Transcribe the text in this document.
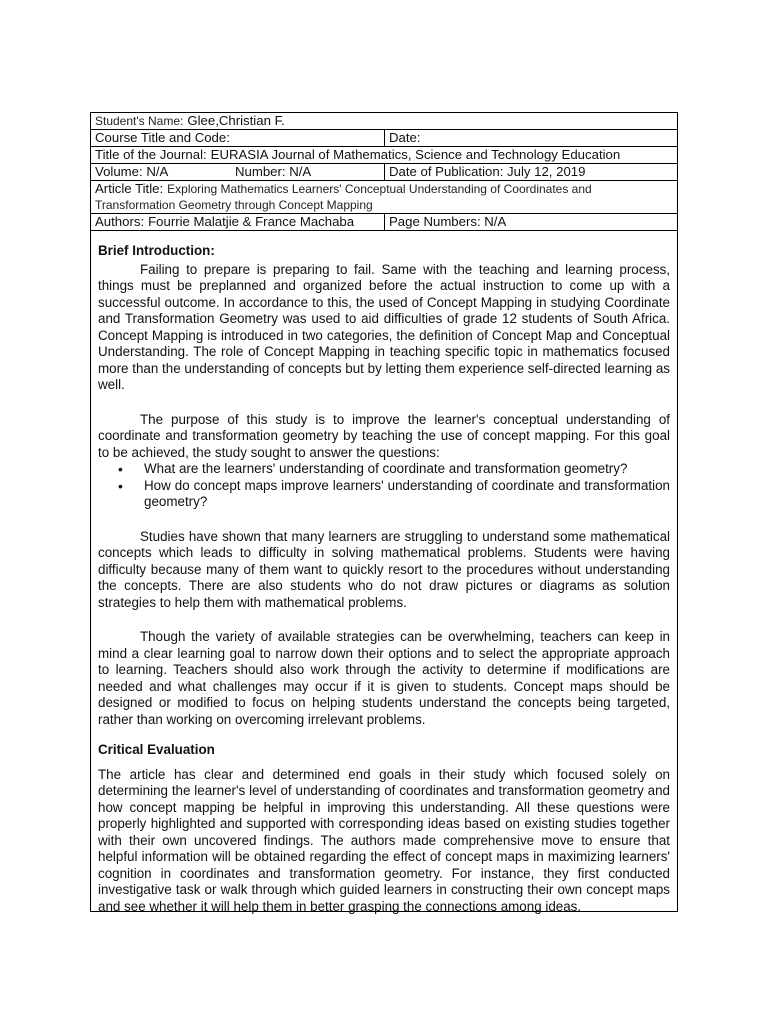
Student's Name: Glee,Christian F.	
Course Title and Code:	Date:
Title of the Journal: EURASIA Journal of Mathematics, Science and Technology Education	
Volume: N/A Number: N/A	Date of Publication: July 12, 2019
Article Title: Exploring Mathematics Learners' Conceptual Understanding of Coordinates and Transformation Geometry through Concept Mapping	
Authors: Fourrie Malatjie & France Machaba	Page Numbers: N/A
Brief Introduction:

Failing to prepare is preparing to fail. Same with the teaching and learning process, things must be preplanned and organized before the actual instruction to come up with a successful outcome. In accordance to this, the used of Concept Mapping in studying Coordinate and Transformation Geometry was used to aid difficulties of grade 12 students of South Africa. Concept Mapping is introduced in two categories, the definition of Concept Map and Conceptual Understanding. The role of Concept Mapping in teaching specific topic in mathematics focused more than the understanding of concepts but by letting them experience self-directed learning as well.

The purpose of this study is to improve the learner's conceptual understanding of coordinate and transformation geometry by teaching the use of concept mapping. For this goal to be achieved, the study sought to answer the questions:

• What are the learners' understanding of coordinate and transformation geometry?
• How do concept maps improve learners' understanding of coordinate and transformation geometry?

Studies have shown that many learners are struggling to understand some mathematical concepts which leads to difficulty in solving mathematical problems. Students were having difficulty because many of them want to quickly resort to the procedures without understanding the concepts. There are also students who do not draw pictures or diagrams as solution strategies to help them with mathematical problems.

Though the variety of available strategies can be overwhelming, teachers can keep in mind a clear learning goal to narrow down their options and to select the appropriate approach to learning. Teachers should also work through the activity to determine if modifications are needed and what challenges may occur if it is given to students. Concept maps should be designed or modified to focus on helping students understand the concepts being targeted, rather than working on overcoming irrelevant problems.

Critical Evaluation

The article has clear and determined end goals in their study which focused solely on determining the learner's level of understanding of coordinates and transformation geometry and how concept mapping be helpful in improving this understanding. All these questions were properly highlighted and supported with corresponding ideas based on existing studies together with their own uncovered findings. The authors made comprehensive move to ensure that helpful information will be obtained regarding the effect of concept maps in maximizing learners' cognition in coordinates and transformation geometry. For instance, they first conducted investigative task or walk through which guided learners in constructing their own concept maps and see whether it will help them in better grasping the connections among ideas.
